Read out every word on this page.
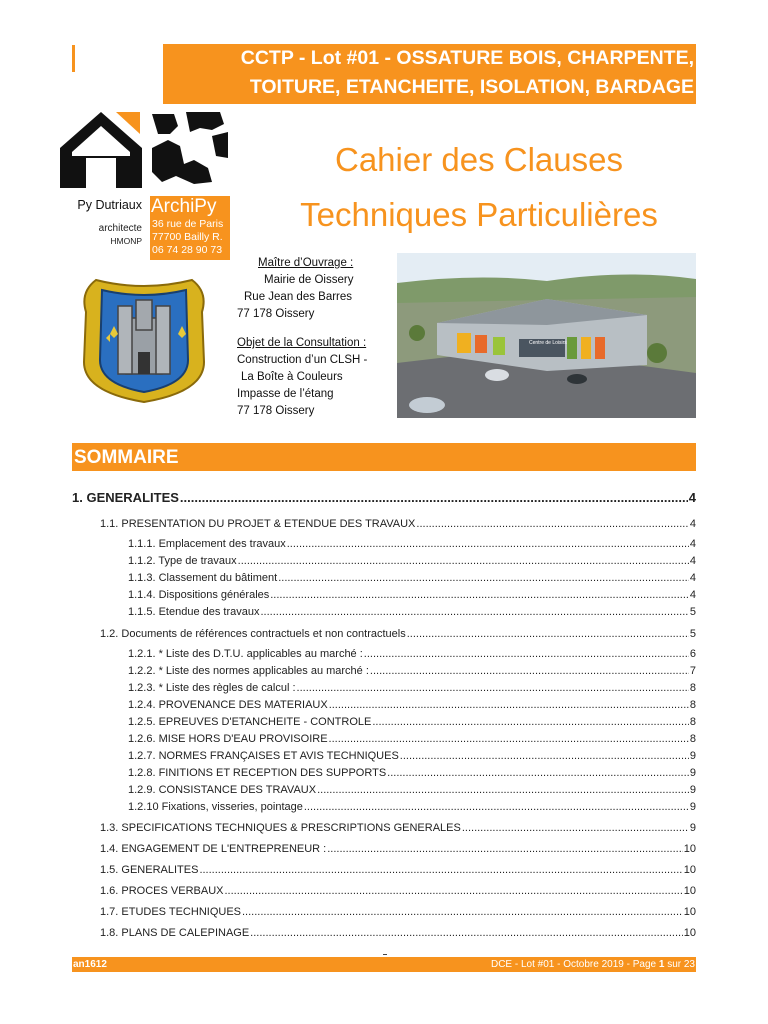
CCTP - Lot #01 - OSSATURE BOIS, CHARPENTE,
TOITURE, ETANCHEITE, ISOLATION, BARDAGE
Py Dutriaux
architecte
HMONP
ArchiPy
36 rue de Paris
77700 Bailly R.
06 74 28 90 73
Cahier des Clauses
Techniques Particulières
Maître d’Ouvrage :
Mairie de Oissery
Rue Jean des Barres
77 178 Oissery
Objet de la Consultation :
Construction d’un CLSH -
La Boîte à Couleurs
Impasse de l’étang
77 178 Oissery
Centre de Loisirs
SOMMAIRE
1. GENERALITES .....	4
1.1. PRESENTATION DU PROJET & ETENDUE DES TRAVAUX .....	4
1.1.1. Emplacement des travaux .....	4
1.1.2. Type de travaux .....	4
1.1.3. Classement du bâtiment .....	4
1.1.4. Dispositions générales .....	4
1.1.5. Etendue des travaux .....	5
1.2. Documents de références contractuels et non contractuels .....	5
1.2.1. * Liste des D.T.U. applicables au marché : .....	6
1.2.2. * Liste des normes applicables au marché : .....	7
1.2.3. * Liste des règles de calcul : .....	8
1.2.4. PROVENANCE DES MATERIAUX .....	8
1.2.5. EPREUVES D'ETANCHEITE - CONTROLE .....	8
1.2.6. MISE HORS D'EAU PROVISOIRE .....	8
1.2.7. NORMES FRANÇAISES ET AVIS TECHNIQUES .....	9
1.2.8. FINITIONS ET RECEPTION DES SUPPORTS .....	9
1.2.9. CONSISTANCE DES TRAVAUX .....	9
1.2.10 Fixations, visseries, pointage .....	9
1.3. SPECIFICATIONS TECHNIQUES & PRESCRIPTIONS GENERALES .....	9
1.4. ENGAGEMENT DE L'ENTREPRENEUR : .....	10
1.5. GENERALITES .....	10
1.6. PROCES VERBAUX .....	10
1.7. ETUDES TECHNIQUES .....	10
1.8. PLANS DE CALEPINAGE .....	10
an1612	DCE - Lot #01 - Octobre 2019 - Page 1 sur 23
